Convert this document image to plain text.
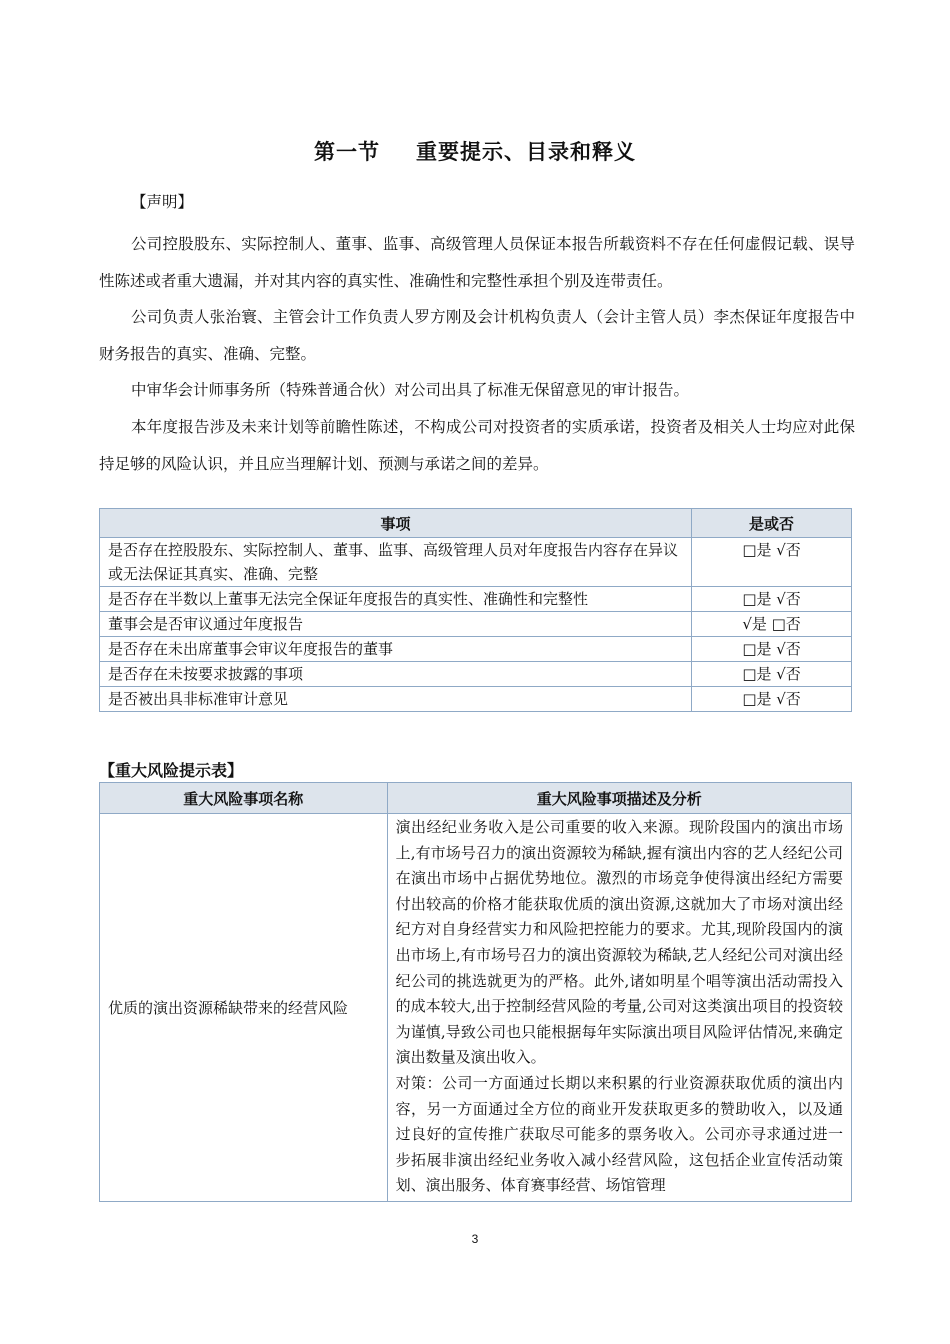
第一节 重要提示、目录和释义
【声明】

公司控股股东、实际控制人、董事、监事、高级管理人员保证本报告所载资料不存在任何虚假记载、误导性陈述或者重大遗漏，并对其内容的真实性、准确性和完整性承担个别及连带责任。

公司负责人张治寰、主管会计工作负责人罗方刚及会计机构负责人（会计主管人员）李杰保证年度报告中财务报告的真实、准确、完整。

中审华会计师事务所（特殊普通合伙）对公司出具了标准无保留意见的审计报告。

本年度报告涉及未来计划等前瞻性陈述，不构成公司对投资者的实质承诺，投资者及相关人士均应对此保持足够的风险认识，并且应当理解计划、预测与承诺之间的差异。

事项	是或否
是否存在控股股东、实际控制人、董事、监事、高级管理人员对年度报告内容存在异议或无法保证其真实、准确、完整	□是 √否
是否存在半数以上董事无法完全保证年度报告的真实性、准确性和完整性	□是 √否
董事会是否审议通过年度报告	√是 □否
是否存在未出席董事会审议年度报告的董事	□是 √否
是否存在未按要求披露的事项	□是 √否
是否被出具非标准审计意见	□是 √否
【重大风险提示表】
重大风险事项名称	重大风险事项描述及分析
优质的演出资源稀缺带来的经营风险	演出经纪业务收入是公司重要的收入来源。现阶段国内的演出市场上,有市场号召力的演出资源较为稀缺,握有演出内容的艺人经纪公司在演出市场中占据优势地位。激烈的市场竞争使得演出经纪方需要付出较高的价格才能获取优质的演出资源,这就加大了市场对演出经纪方对自身经营实力和风险把控能力的要求。尤其,现阶段国内的演出市场上,有市场号召力的演出资源较为稀缺,艺人经纪公司对演出经纪公司的挑选就更为的严格。此外,诸如明星个唱等演出活动需投入的成本较大,出于控制经营风险的考量,公司对这类演出项目的投资较为谨慎,导致公司也只能根据每年实际演出项目风险评估情况,来确定演出数量及演出收入。
对策：公司一方面通过长期以来积累的行业资源获取优质的演出内容，另一方面通过全方位的商业开发获取更多的赞助收入，以及通过良好的宣传推广获取尽可能多的票务收入。公司亦寻求通过进一步拓展非演出经纪业务收入减小经营风险，这包括企业宣传活动策划、演出服务、体育赛事经营、场馆管理
3
